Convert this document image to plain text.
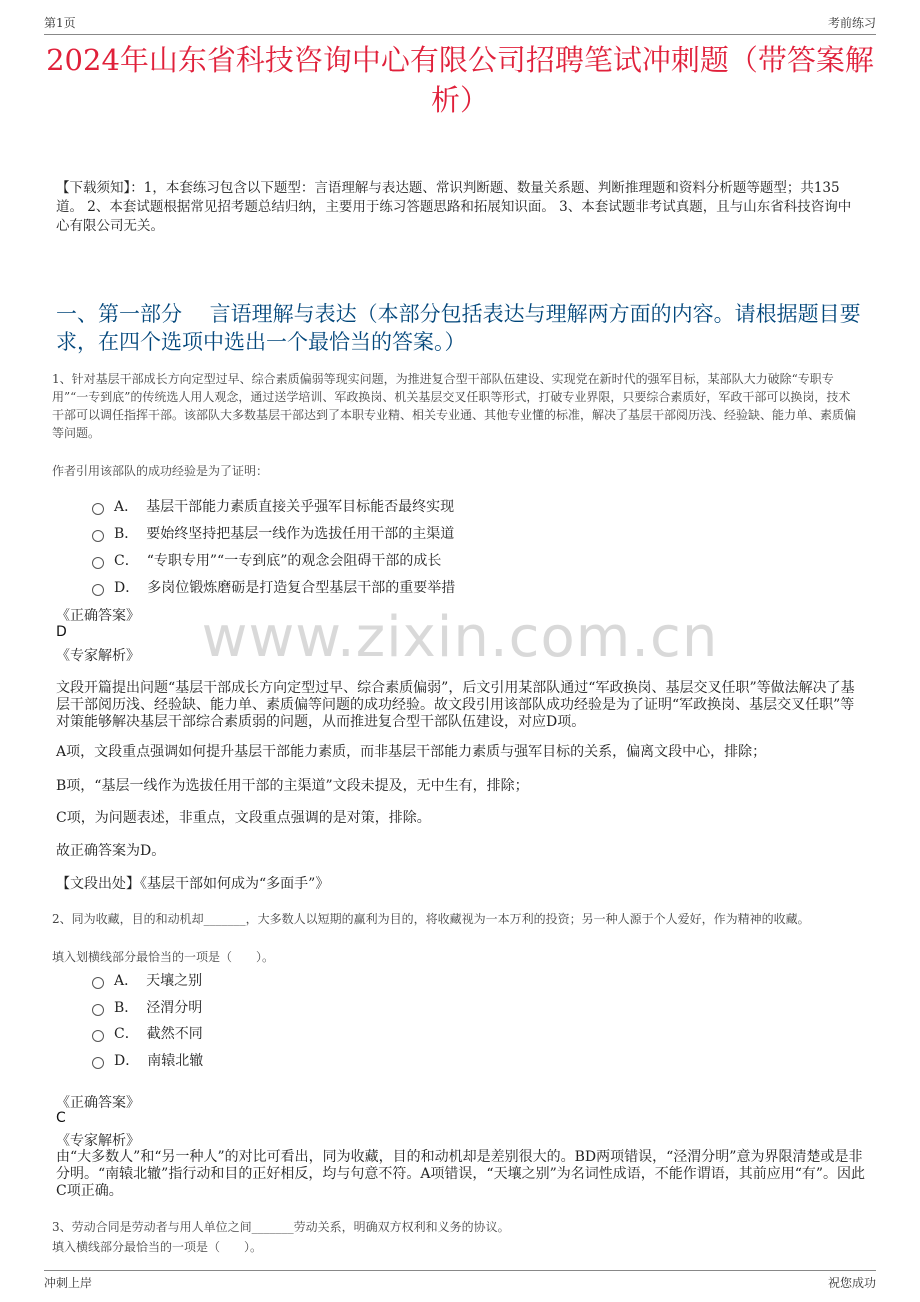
第1页	考前练习
2024年山东省科技咨询中心有限公司招聘笔试冲刺题（带答案解析）
【下载须知】：1，本套练习包含以下题型：言语理解与表达题、常识判断题、数量关系题、判断推理题和资料分析题等题型；共135道。 2、本套试题根据常见招考题总结归纳，主要用于练习答题思路和拓展知识面。 3、本套试题非考试真题，且与山东省科技咨询中心有限公司无关。
一、第一部分　 言语理解与表达（本部分包括表达与理解两方面的内容。请根据题目要求，在四个选项中选出一个最恰当的答案。）
1、针对基层干部成长方向定型过早、综合素质偏弱等现实问题，为推进复合型干部队伍建设、实现党在新时代的强军目标，某部队大力破除“专职专用”“一专到底”的传统选人用人观念，通过送学培训、军政换岗、机关基层交叉任职等形式，打破专业界限，只要综合素质好，军政干部可以换岗，技术干部可以调任指挥干部。该部队大多数基层干部达到了本职专业精、相关专业通、其他专业懂的标准，解决了基层干部阅历浅、经验缺、能力单、素质偏等问题。
作者引用该部队的成功经验是为了证明：
A． 基层干部能力素质直接关乎强军目标能否最终实现
B． 要始终坚持把基层一线作为选拔任用干部的主渠道
C． “专职专用”“一专到底”的观念会阻碍干部的成长
D． 多岗位锻炼磨砺是打造复合型基层干部的重要举措
www.zixin.com.cn
《正确答案》
D
《专家解析》
文段开篇提出问题“基层干部成长方向定型过早、综合素质偏弱”，后文引用某部队通过“军政换岗、基层交叉任职”等做法解决了基层干部阅历浅、经验缺、能力单、素质偏等问题的成功经验。故文段引用该部队成功经验是为了证明“军政换岗、基层交叉任职”等对策能够解决基层干部综合素质弱的问题，从而推进复合型干部队伍建设，对应D项。
A项，文段重点强调如何提升基层干部能力素质，而非基层干部能力素质与强军目标的关系，偏离文段中心，排除；
B项，“基层一线作为选拔任用干部的主渠道”文段未提及，无中生有，排除；
C项，为问题表述，非重点，文段重点强调的是对策，排除。
故正确答案为D。
【文段出处】《基层干部如何成为“多面手”》
2、同为收藏，目的和动机却_______，大多数人以短期的赢利为目的，将收藏视为一本万利的投资；另一种人源于个人爱好，作为精神的收藏。
填入划横线部分最恰当的一项是（　　）。
A． 天壤之别
B． 泾渭分明
C． 截然不同
D． 南辕北辙
《正确答案》
C
《专家解析》
由“大多数人”和“另一种人”的对比可看出，同为收藏，目的和动机却是差别很大的。BD两项错误，“泾渭分明”意为界限清楚或是非分明。“南辕北辙”指行动和目的正好相反，均与句意不符。A项错误，“天壤之别”为名词性成语，不能作谓语，其前应用“有”。因此C项正确。
3、劳动合同是劳动者与用人单位之间_______劳动关系，明确双方权利和义务的协议。
填入横线部分最恰当的一项是（　　）。
冲刺上岸	祝您成功
